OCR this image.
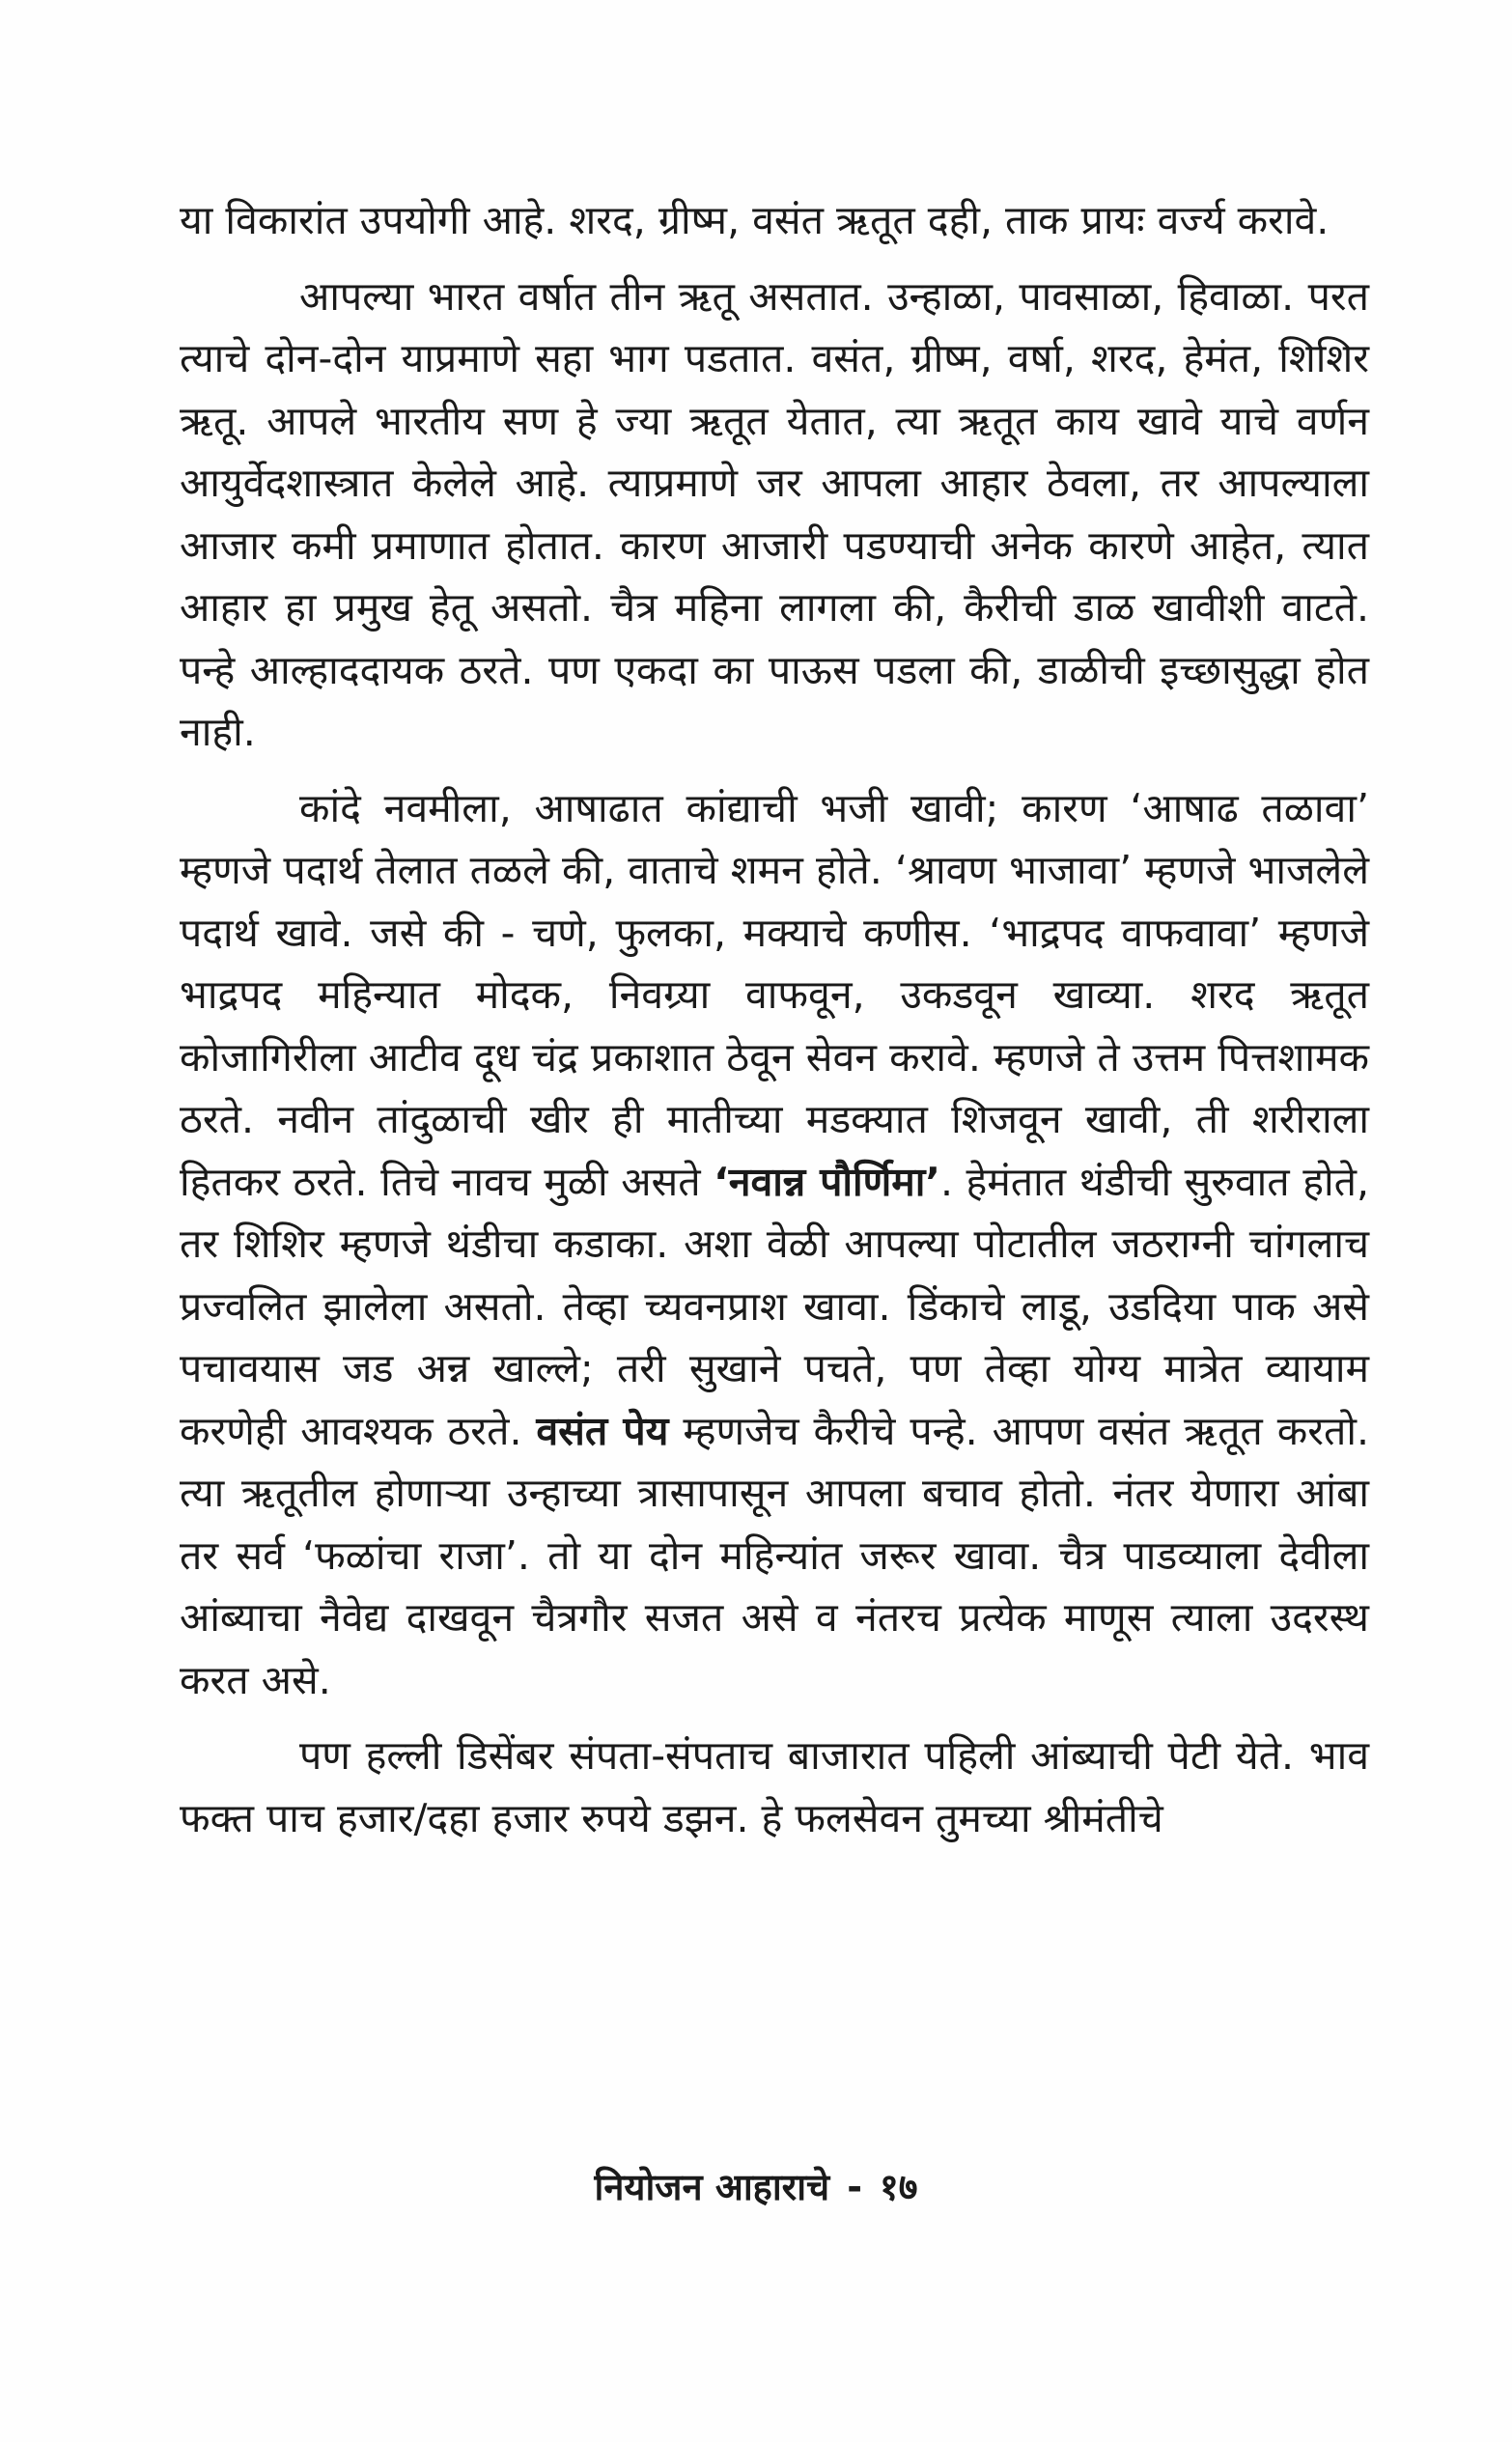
या विकारांत उपयोगी आहे. शरद, ग्रीष्म, वसंत ऋतूत दही, ताक प्रायः वर्ज्य करावे.

आपल्या भारत वर्षात तीन ऋतू असतात. उन्हाळा, पावसाळा, हिवाळा. परत त्याचे दोन-दोन याप्रमाणे सहा भाग पडतात. वसंत, ग्रीष्म, वर्षा, शरद, हेमंत, शिशिर ऋतू. आपले भारतीय सण हे ज्या ऋतूत येतात, त्या ऋतूत काय खावे याचे वर्णन आयुर्वेदशास्त्रात केलेले आहे. त्याप्रमाणे जर आपला आहार ठेवला, तर आपल्याला आजार कमी प्रमाणात होतात. कारण आजारी पडण्याची अनेक कारणे आहेत, त्यात आहार हा प्रमुख हेतू असतो. चैत्र महिना लागला की, कैरीची डाळ खावीशी वाटते. पन्हे आल्हाददायक ठरते. पण एकदा का पाऊस पडला की, डाळीची इच्छासुद्धा होत नाही.

कांदे नवमीला, आषाढात कांद्याची भजी खावी; कारण ‘आषाढ तळावा’ म्हणजे पदार्थ तेलात तळले की, वाताचे शमन होते. ‘श्रावण भाजावा’ म्हणजे भाजलेले पदार्थ खावे. जसे की - चणे, फुलका, मक्याचे कणीस. ‘भाद्रपद वाफवावा’ म्हणजे भाद्रपद महिन्यात मोदक, निवग्र्या वाफवून, उकडवून खाव्या. शरद ऋतूत कोजागिरीला आटीव दूध चंद्र प्रकाशात ठेवून सेवन करावे. म्हणजे ते उत्तम पित्तशामक ठरते. नवीन तांदुळाची खीर ही मातीच्या मडक्यात शिजवून खावी, ती शरीराला हितकर ठरते. तिचे नावच मुळी असते ‘नवान्न पौर्णिमा’. हेमंतात थंडीची सुरुवात होते, तर शिशिर म्हणजे थंडीचा कडाका. अशा वेळी आपल्या पोटातील जठराग्नी चांगलाच प्रज्वलित झालेला असतो. तेव्हा च्यवनप्राश खावा. डिंकाचे लाडू, उडदिया पाक असे पचावयास जड अन्न खाल्ले; तरी सुखाने पचते, पण तेव्हा योग्य मात्रेत व्यायाम करणेही आवश्यक ठरते. वसंत पेय म्हणजेच कैरीचे पन्हे. आपण वसंत ऋतूत करतो. त्या ऋतूतील होणाऱ्या उन्हाच्या त्रासापासून आपला बचाव होतो. नंतर येणारा आंबा तर सर्व ‘फळांचा राजा’. तो या दोन महिन्यांत जरूर खावा. चैत्र पाडव्याला देवीला आंब्याचा नैवेद्य दाखवून चैत्रगौर सजत असे व नंतरच प्रत्येक माणूस त्याला उदरस्थ करत असे.

पण हल्ली डिसेंबर संपता-संपताच बाजारात पहिली आंब्याची पेटी येते. भाव फक्त पाच हजार/दहा हजार रुपये डझन. हे फलसेवन तुमच्या श्रीमंतीचे

नियोजन आहाराचे - १७
